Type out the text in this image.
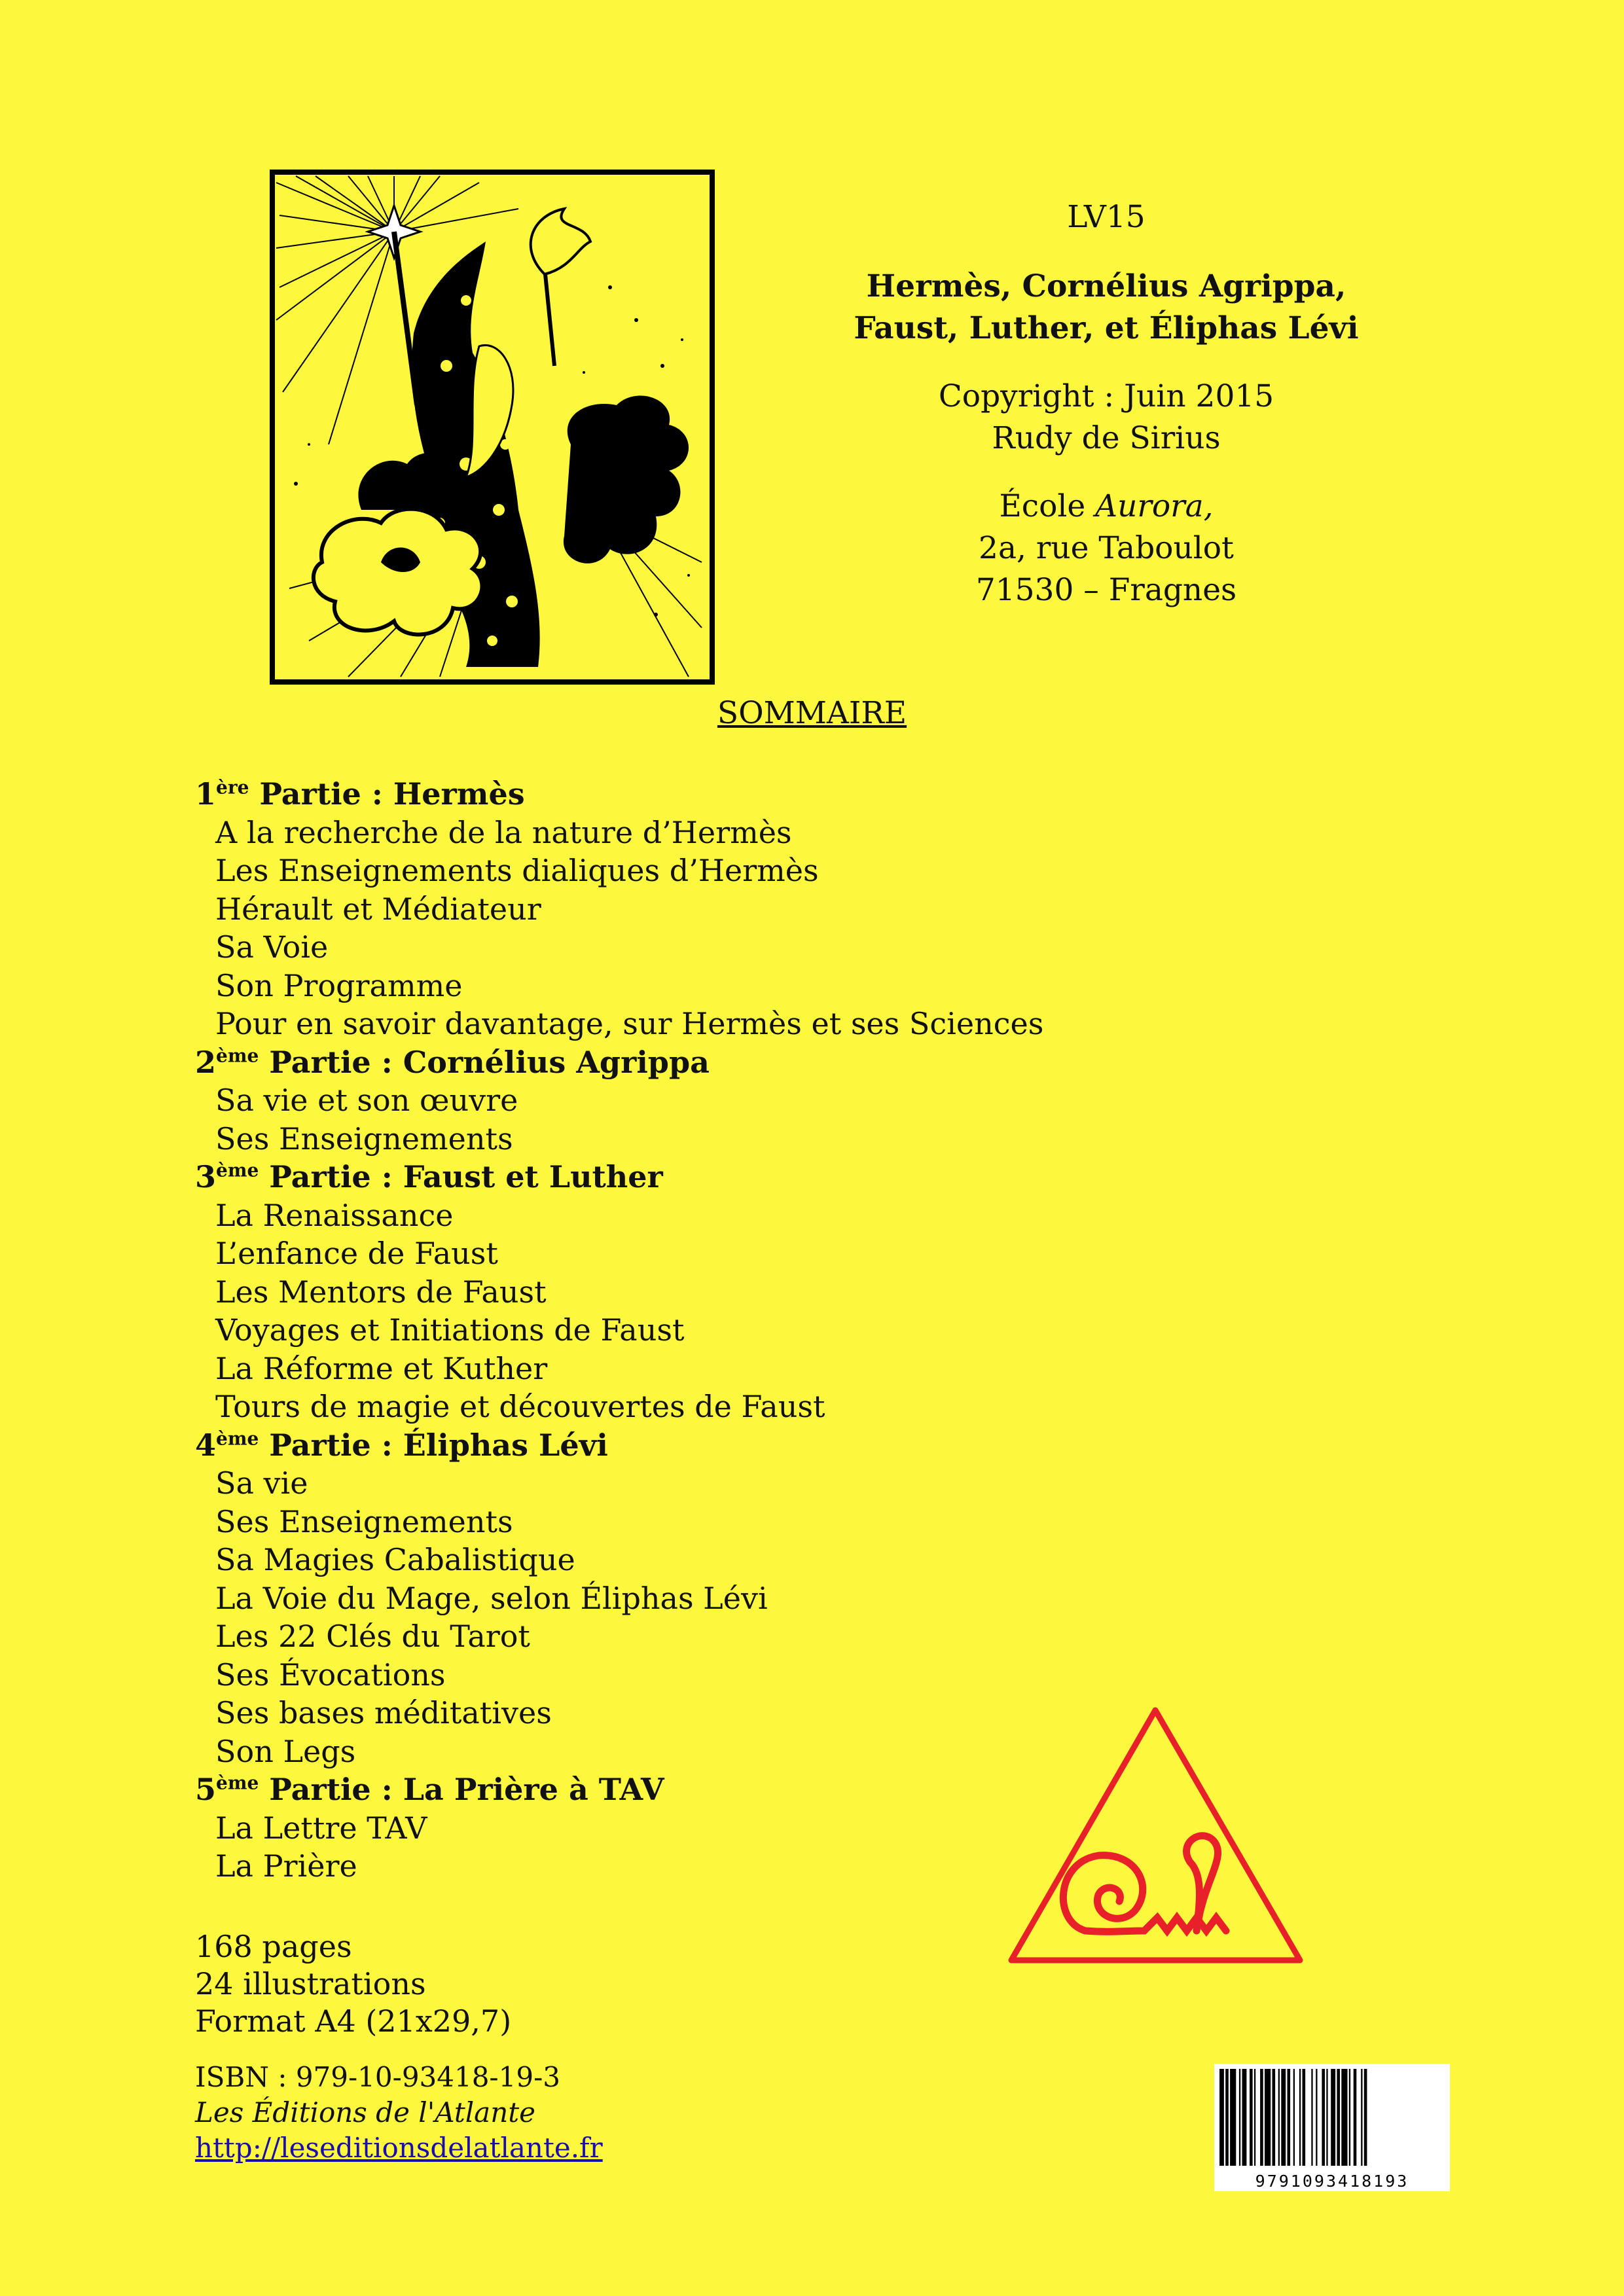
LV15
Hermès, Cornélius Agrippa,
Faust, Luther, et Éliphas Lévi
Copyright : Juin 2015
Rudy de Sirius
École Aurora,
2a, rue Taboulot
71530 – Fragnes
SOMMAIRE
1ère Partie : Hermès
A la recherche de la nature d’Hermès
Les Enseignements dialiques d’Hermès
Hérault et Médiateur
Sa Voie
Son Programme
Pour en savoir davantage, sur Hermès et ses Sciences
2ème Partie : Cornélius Agrippa
Sa vie et son œuvre
Ses Enseignements
3ème Partie : Faust et Luther
La Renaissance
L’enfance de Faust
Les Mentors de Faust
Voyages et Initiations de Faust
La Réforme et Kuther
Tours de magie et découvertes de Faust
4ème Partie : Éliphas Lévi
Sa vie
Ses Enseignements
Sa Magies Cabalistique
La Voie du Mage, selon Éliphas Lévi
Les 22 Clés du Tarot
Ses Évocations
Ses bases méditatives
Son Legs
5ème Partie : La Prière à TAV
La Lettre TAV
La Prière
168 pages
24 illustrations
Format A4 (21x29,7)
ISBN : 979-10-93418-19-3
Les Éditions de l'Atlante
http://leseditionsdelatlante.fr
9791093418193
